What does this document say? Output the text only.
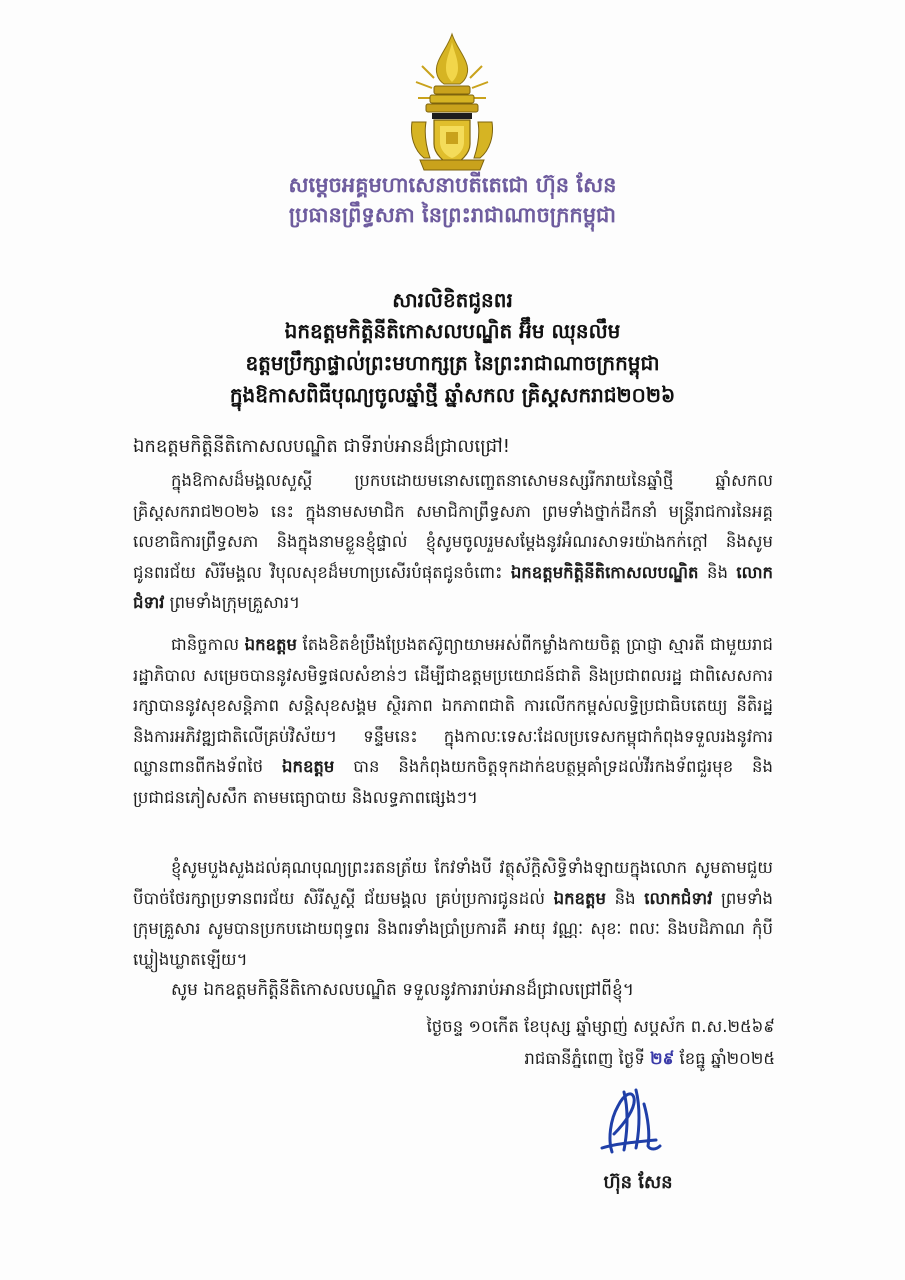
សម្ដេចអគ្គមហាសេនាបតីតេជោ ហ៊ុន សែន
ប្រធានព្រឹទ្ធសភា នៃព្រះរាជាណាចក្រកម្ពុជា
សារលិខិតជូនពរ
ឯកឧត្តមកិត្តិនីតិកោសលបណ្ឌិត អ៊ឹម ឈុនលឹម
ឧត្តមប្រឹក្សាផ្ទាល់ព្រះមហាក្សត្រ នៃព្រះរាជាណាចក្រកម្ពុជា
ក្នុងឱកាសពិធីបុណ្យចូលឆ្នាំថ្មី ឆ្នាំសកល គ្រិស្តសករាជ២០២៦
ឯកឧត្តមកិត្តិនីតិកោសលបណ្ឌិត ជាទីរាប់អានដ៏ជ្រាលជ្រៅ!
ក្នុងឱកាសដ៏មង្គលសួស្ដី ប្រកបដោយមនោសញ្ចេតនាសោមនស្សរីករាយនៃឆ្នាំថ្មី ឆ្នាំសកល គ្រិស្តសករាជ២០២៦ នេះ ក្នុងនាមសមាជិក សមាជិកាព្រឹទ្ធសភា ព្រមទាំងថ្នាក់ដឹកនាំ មន្ត្រីរាជការនៃអគ្គលេខាធិការព្រឹទ្ធសភា និងក្នុងនាមខ្លួនខ្ញុំផ្ទាល់ ខ្ញុំសូមចូលរួមសម្ដែងនូវអំណរសាទរយ៉ាងកក់ក្ដៅ និងសូមជូនពរជ័យ សិរីមង្គល វិបុលសុខដ៏មហាប្រសើរបំផុតជូនចំពោះ ឯកឧត្តមកិត្តិនីតិកោសលបណ្ឌិត និង លោកជំទាវ ព្រមទាំងក្រុមគ្រួសារ។
ជានិច្ចកាល ឯកឧត្តម តែងខិតខំប្រឹងប្រែងតស៊ូព្យាយាមអស់ពីកម្លាំងកាយចិត្ត ប្រាជ្ញា ស្មារតី ជាមួយរាជរដ្ឋាភិបាល សម្រេចបាននូវសមិទ្ធផលសំខាន់ៗ ដើម្បីជាឧត្តមប្រយោជន៍ជាតិ និងប្រជាពលរដ្ឋ ជាពិសេសការរក្សាបាននូវសុខសន្តិភាព សន្តិសុខសង្គម ស្ថិរភាព ឯកភាពជាតិ ការលើកកម្ពស់លទ្ធិប្រជាធិបតេយ្យ នីតិរដ្ឋ និងការអភិវឌ្ឍជាតិលើគ្រប់វិស័យ។ ទន្ទឹមនេះ ក្នុងកាលៈទេសៈដែលប្រទេសកម្ពុជាកំពុងទទួលរងនូវការឈ្លានពានពីកងទ័ពថៃ ឯកឧត្តម បាន និងកំពុងយកចិត្តទុកដាក់ឧបត្ថម្ភគាំទ្រដល់វីរកងទ័ពជួរមុខ និងប្រជាជនភៀសសឹក តាមមធ្យោបាយ និងលទ្ធភាពផ្សេងៗ។
ខ្ញុំសូមបួងសួងដល់គុណបុណ្យព្រះរតនត្រ័យ កែវទាំងបី វត្ថុស័ក្ដិសិទ្ធិទាំងឡាយក្នុងលោក សូមតាមជួយបីបាច់ថែរក្សាប្រទានពរជ័យ សិរីសួស្ដី ជ័យមង្គល គ្រប់ប្រការជូនដល់ ឯកឧត្តម និង លោកជំទាវ ព្រមទាំងក្រុមគ្រួសារ សូមបានប្រកបដោយពុទ្ធពរ និងពរទាំងប្រាំប្រការគឺ អាយុ វណ្ណៈ សុខៈ ពលៈ និងបដិភាណ កុំបីឃ្លៀងឃ្លាតឡើយ។
សូម ឯកឧត្តមកិត្តិនីតិកោសលបណ្ឌិត ទទួលនូវការរាប់អានដ៏ជ្រាលជ្រៅពីខ្ញុំ។
ថ្ងៃចន្ទ ១០កើត ខែបុស្ស ឆ្នាំម្សាញ់ សប្តស័ក ព.ស.២៥៦៩
រាជធានីភ្នំពេញ ថ្ងៃទី ២៩ ខែធ្នូ ឆ្នាំ២០២៥
ហ៊ុន សែន
